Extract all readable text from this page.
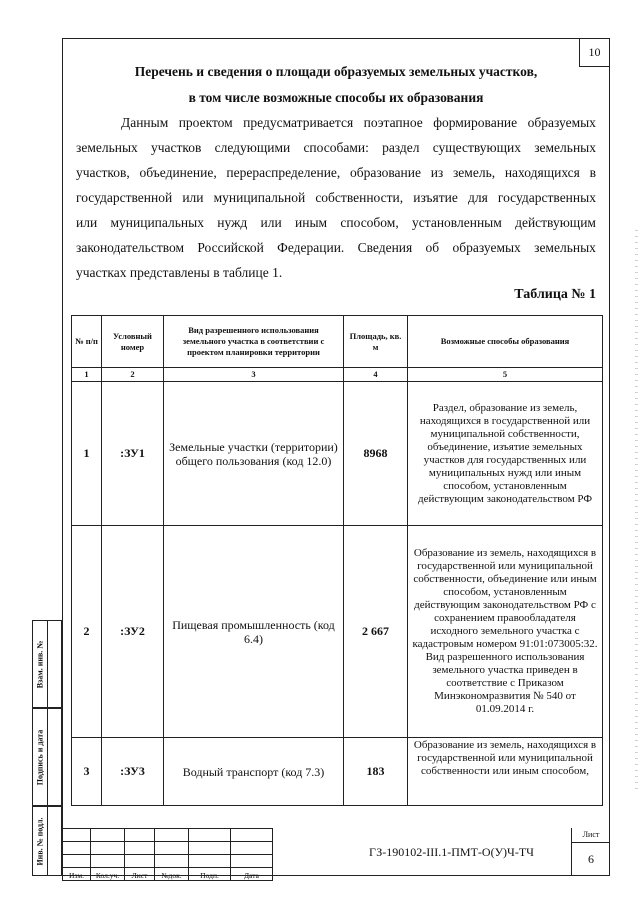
10
Перечень и сведения о площади образуемых земельных участков,
в том числе возможные способы их образования
Данным проектом предусматривается поэтапное формирование образуемых
земельных участков следующими способами: раздел существующих земельных
участков, объединение, перераспределение, образование из земель, находящихся в
государственной или муниципальной собственности, изъятие для государственных
или муниципальных нужд или иным способом, установленным действующим
законодательством Российской Федерации. Сведения об образуемых земельных
участках представлены в таблице 1.
Таблица № 1
№ п/п	Условный номер	Вид разрешенного использования земельного участка в соответствии с проектом планировки территории	Площадь, кв. м	Возможные способы образования
1	2	3	4	5
1	:ЗУ1	Земельные участки (территории) общего пользования (код 12.0)	8968	Раздел, образование из земель, находящихся в государственной или муниципальной собственности, объединение, изъятие земельных участков для государственных или муниципальных нужд или иным способом, установленным действующим законодательством РФ
2	:ЗУ2	Пищевая промышленность (код 6.4)	2 667	Образование из земель, находящихся в государственной или муниципальной собственности, объединение или иным способом, установленным действующим законодательством РФ с сохранением правообладателя исходного земельного участка с кадастровым номером 91:01:073005:32. Вид разрешенного использования земельного участка приведен в соответствие с Приказом Минэкономразвития № 540 от 01.09.2014 г.
3	:ЗУ3	Водный транспорт (код 7.3)	183	Образование из земель, находящихся в государственной или муниципальной собственности или иным способом,
Взам. инв. №
Подпись и дата
Инв. № подл.

Изм.	Кол.уч.	Лист	№док.	Подп.	Дата
ГЗ-190102-III.1-ПМТ-О(У)Ч-ТЧ
Лист
6
